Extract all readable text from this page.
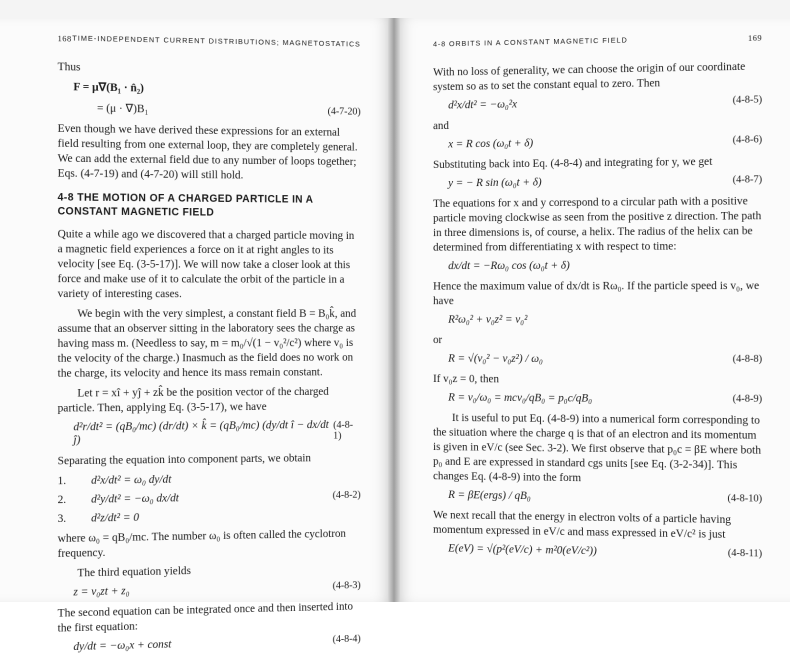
168 TIME-INDEPENDENT CURRENT DISTRIBUTIONS; MAGNETOSTATICS

Thus

F = μ∇(B₁ · n̂₂)
= (μ · ∇)B₁	(4-7-20)

Even though we have derived these expressions for an external field resulting from one external loop, they are completely general. We can add the external field due to any number of loops together; Eqs. (4-7-19) and (4-7-20) will still hold.

4-8 THE MOTION OF A CHARGED PARTICLE IN A CONSTANT MAGNETIC FIELD

Quite a while ago we discovered that a charged particle moving in a magnetic field experiences a force on it at right angles to its velocity [see Eq. (3-5-17)]. We will now take a closer look at this force and make use of it to calculate the orbit of the particle in a variety of interesting cases.

We begin with the very simplest, a constant field B = B₀k̂, and assume that an observer sitting in the laboratory sees the charge as having mass m. (Needless to say, m = m₀/√(1 − v₀²/c²) where v₀ is the velocity of the charge.) Inasmuch as the field does no work on the charge, its velocity and hence its mass remain constant.

Let r = xî + yĵ + zk̂ be the position vector of the charged particle. Then, applying Eq. (3-5-17), we have

d²r/dt² = (qB₀/mc) (dr/dt) × k̂ = (qB₀/mc) (dy/dt î − dx/dt ĵ)
(4-8-1)

Separating the equation into component parts, we obtain

1.	d²x/dt² = ω₀ dy/dt
2.	d²y/dt² = −ω₀ dx/dt	(4-8-2)
3.	d²z/dt² = 0

where ω₀ = qB₀/mc. The number ω₀ is often called the cyclotron frequency.

The third equation yields

z = v₀zt + z₀	(4-8-3)

The second equation can be integrated once and then inserted into the first equation:

dy/dt = −ω₀x + const	(4-8-4)
4-8 ORBITS IN A CONSTANT MAGNETIC FIELD	169

With no loss of generality, we can choose the origin of our coordinate system so as to set the constant equal to zero. Then

d²x/dt² = −ω₀²x	(4-8-5)

and

x = R cos (ω₀t + δ)	(4-8-6)

Substituting back into Eq. (4-8-4) and integrating for y, we get

y = − R sin (ω₀t + δ)	(4-8-7)

The equations for x and y correspond to a circular path with a positive particle moving clockwise as seen from the positive z direction. The path in three dimensions is, of course, a helix. The radius of the helix can be determined from differentiating x with respect to time:

dx/dt = −Rω₀ cos (ω₀t + δ)

Hence the maximum value of dx/dt is Rω₀. If the particle speed is v₀, we have

R²ω₀² + v₀z² = v₀²

or

R = √(v₀² − v₀z²) / ω₀	(4-8-8)

If v₀z = 0, then

R = v₀/ω₀ = mcv₀/qB₀ = p₀c/qB₀	(4-8-9)

It is useful to put Eq. (4-8-9) into a numerical form corresponding to the situation where the charge q is that of an electron and its momentum is given in eV/c (see Sec. 3-2). We first observe that p₀c = βE where both p₀ and E are expressed in standard cgs units [see Eq. (3-2-34)]. This changes Eq. (4-8-9) into the form

R = βE(ergs) / qB₀	(4-8-10)

We next recall that the energy in electron volts of a particle having momentum expressed in eV/c and mass expressed in eV/c² is just

E(eV) = √(p²(eV/c) + m²0(eV/c²))	(4-8-11)
